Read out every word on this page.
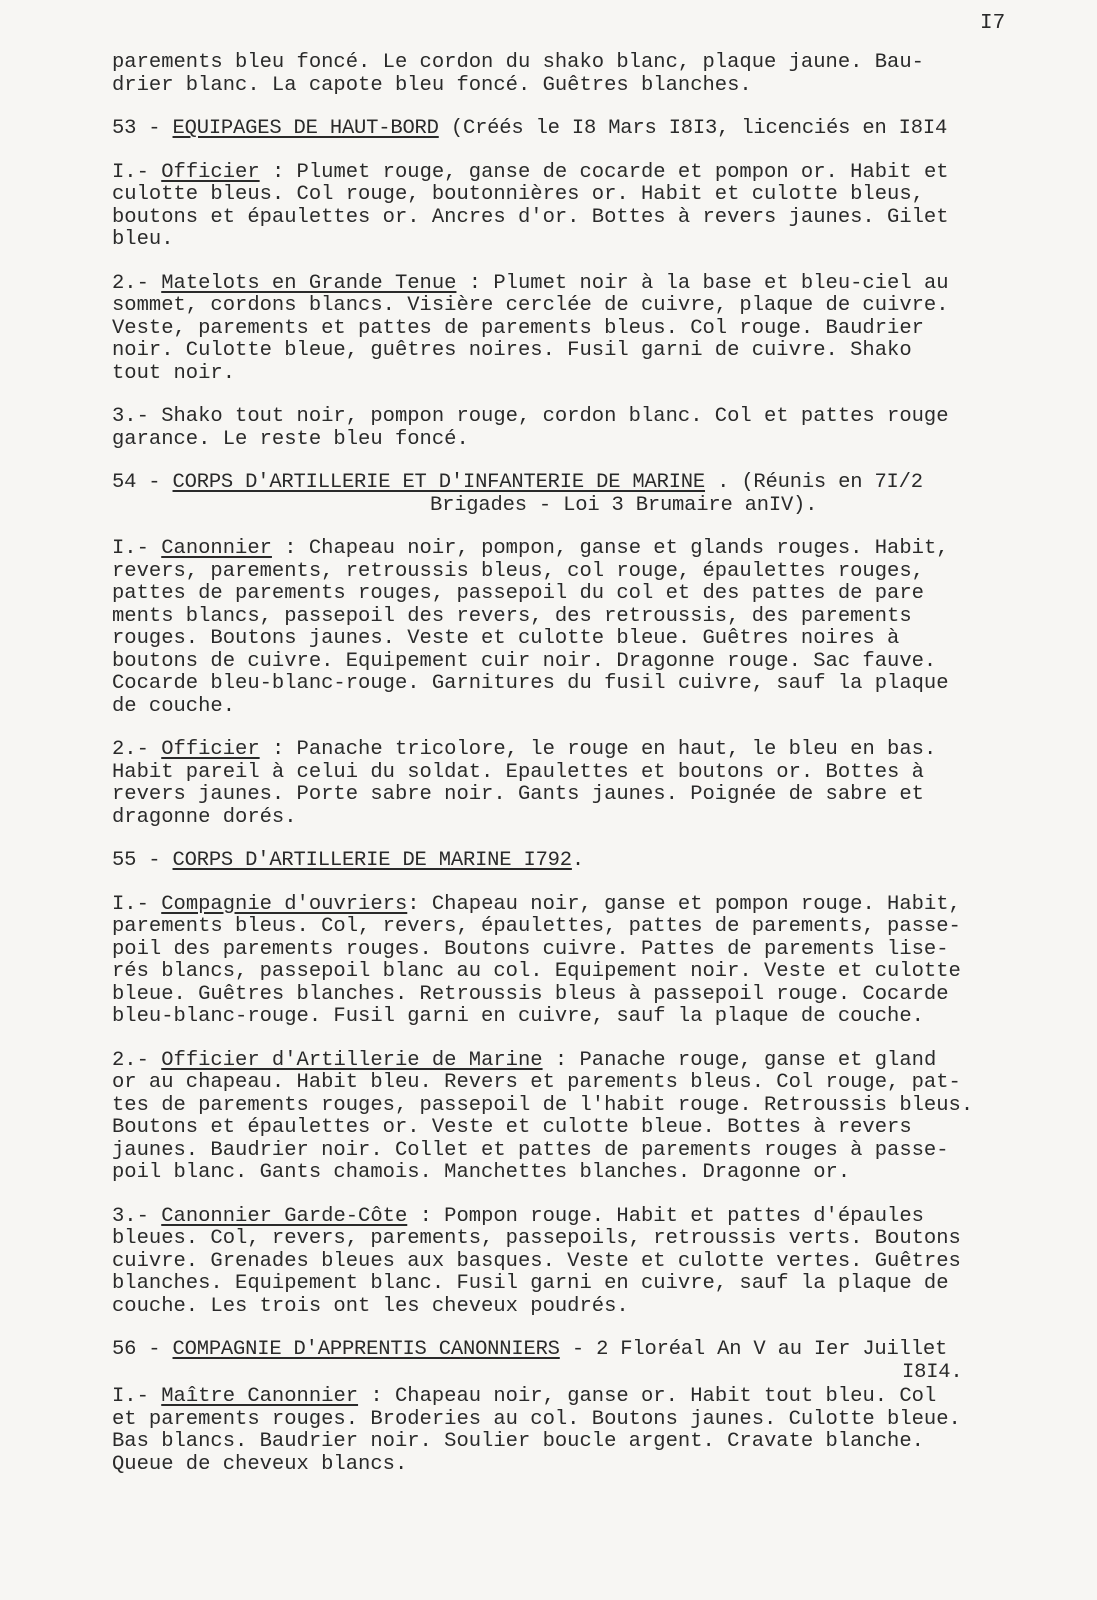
I7

parements bleu foncé. Le cordon du shako blanc, plaque jaune. Bau-
drier blanc. La capote bleu foncé. Guêtres blanches.

53 - EQUIPAGES DE HAUT-BORD (Créés le I8 Mars I8I3, licenciés en I8I4

I.- Officier : Plumet rouge, ganse de cocarde et pompon or. Habit et
culotte bleus. Col rouge, boutonnières or. Habit et culotte bleus,
boutons et épaulettes or. Ancres d'or. Bottes à revers jaunes. Gilet
bleu.

2.- Matelots en Grande Tenue : Plumet noir à la base et bleu-ciel au
sommet, cordons blancs. Visière cerclée de cuivre, plaque de cuivre.
Veste, parements et pattes de parements bleus. Col rouge. Baudrier
noir. Culotte bleue, guêtres noires. Fusil garni de cuivre. Shako
tout noir.

3.- Shako tout noir, pompon rouge, cordon blanc. Col et pattes rouge
garance. Le reste bleu foncé.

54 - CORPS D'ARTILLERIE ET D'INFANTERIE DE MARINE . (Réunis en 7I/2
Brigades - Loi 3 Brumaire anIV).

I.- Canonnier : Chapeau noir, pompon, ganse et glands rouges. Habit,
revers, parements, retroussis bleus, col rouge, épaulettes rouges,
pattes de parements rouges, passepoil du col et des pattes de pare
ments blancs, passepoil des revers, des retroussis, des parements
rouges. Boutons jaunes. Veste et culotte bleue. Guêtres noires à
boutons de cuivre. Equipement cuir noir. Dragonne rouge. Sac fauve.
Cocarde bleu-blanc-rouge. Garnitures du fusil cuivre, sauf la plaque
de couche.

2.- Officier : Panache tricolore, le rouge en haut, le bleu en bas.
Habit pareil à celui du soldat. Epaulettes et boutons or. Bottes à
revers jaunes. Porte sabre noir. Gants jaunes. Poignée de sabre et
dragonne dorés.

55 - CORPS D'ARTILLERIE DE MARINE I792.

I.- Compagnie d'ouvriers: Chapeau noir, ganse et pompon rouge. Habit,
parements bleus. Col, revers, épaulettes, pattes de parements, passe-
poil des parements rouges. Boutons cuivre. Pattes de parements lise-
rés blancs, passepoil blanc au col. Equipement noir. Veste et culotte
bleue. Guêtres blanches. Retroussis bleus à passepoil rouge. Cocarde
bleu-blanc-rouge. Fusil garni en cuivre, sauf la plaque de couche.

2.- Officier d'Artillerie de Marine : Panache rouge, ganse et gland
or au chapeau. Habit bleu. Revers et parements bleus. Col rouge, pat-
tes de parements rouges, passepoil de l'habit rouge. Retroussis bleus.
Boutons et épaulettes or. Veste et culotte bleue. Bottes à revers
jaunes. Baudrier noir. Collet et pattes de parements rouges à passe-
poil blanc. Gants chamois. Manchettes blanches. Dragonne or.

3.- Canonnier Garde-Côte : Pompon rouge. Habit et pattes d'épaules
bleues. Col, revers, parements, passepoils, retroussis verts. Boutons
cuivre. Grenades bleues aux basques. Veste et culotte vertes. Guêtres
blanches. Equipement blanc. Fusil garni en cuivre, sauf la plaque de
couche. Les trois ont les cheveux poudrés.

56 - COMPAGNIE D'APPRENTIS CANONNIERS - 2 Floréal An V au Ier Juillet
I8I4.

I.- Maître Canonnier : Chapeau noir, ganse or. Habit tout bleu. Col
et parements rouges. Broderies au col. Boutons jaunes. Culotte bleue.
Bas blancs. Baudrier noir. Soulier boucle argent. Cravate blanche.
Queue de cheveux blancs.
